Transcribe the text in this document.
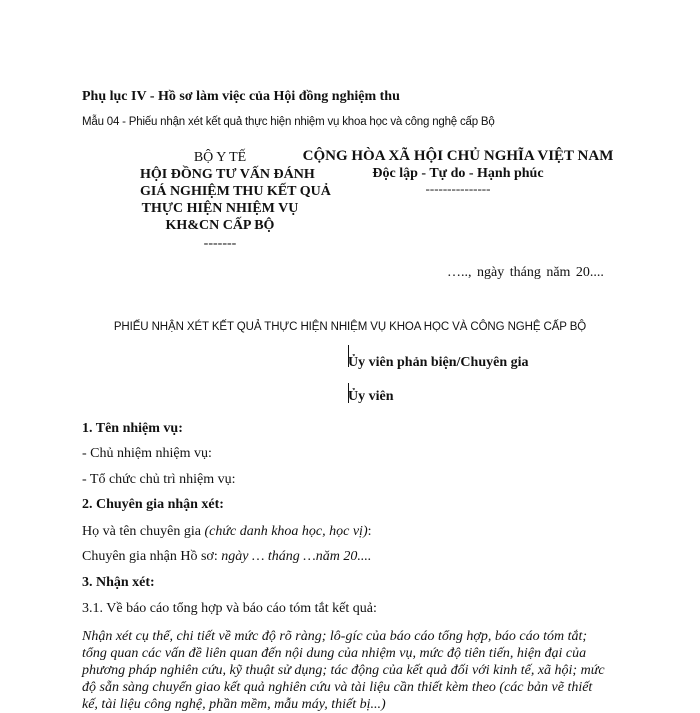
Phụ lục IV - Hồ sơ làm việc của Hội đồng nghiệm thu
Mẫu 04 - Phiếu nhận xét kết quả thực hiện nhiệm vụ khoa học và công nghệ cấp Bộ
BỘ Y TẾ
HỘI ĐỒNG TƯ VẤN ĐÁNH
GIÁ NGHIỆM THU KẾT QUẢ
THỰC HIỆN NHIỆM VỤ
KH&CN CẤP BỘ
-------
CỘNG HÒA XÃ HỘI CHỦ NGHĨA VIỆT NAM
Độc lập - Tự do - Hạnh phúc
---------------
….., ngày tháng năm 20....
PHIẾU NHẬN XÉT KẾT QUẢ THỰC HIỆN NHIỆM VỤ KHOA HỌC VÀ CÔNG NGHỆ CẤP BỘ
Ủy viên phản biện/Chuyên gia
Ủy viên
1. Tên nhiệm vụ:
- Chủ nhiệm nhiệm vụ:
- Tổ chức chủ trì nhiệm vụ:
2. Chuyên gia nhận xét:
Họ và tên chuyên gia (chức danh khoa học, học vị):
Chuyên gia nhận Hồ sơ: ngày … tháng …năm 20....
3. Nhận xét:
3.1. Về báo cáo tổng hợp và báo cáo tóm tắt kết quả:
Nhận xét cụ thể, chi tiết về mức độ rõ ràng; lô-gíc của báo cáo tổng hợp, báo cáo tóm tắt; tổng quan các vấn đề liên quan đến nội dung của nhiệm vụ, mức độ tiên tiến, hiện đại của phương pháp nghiên cứu, kỹ thuật sử dụng; tác động của kết quả đối với kinh tế, xã hội; mức độ sẵn sàng chuyển giao kết quả nghiên cứu và tài liệu cần thiết kèm theo (các bản vẽ thiết kế, tài liệu công nghệ, phần mềm, mẫu máy, thiết bị...)
